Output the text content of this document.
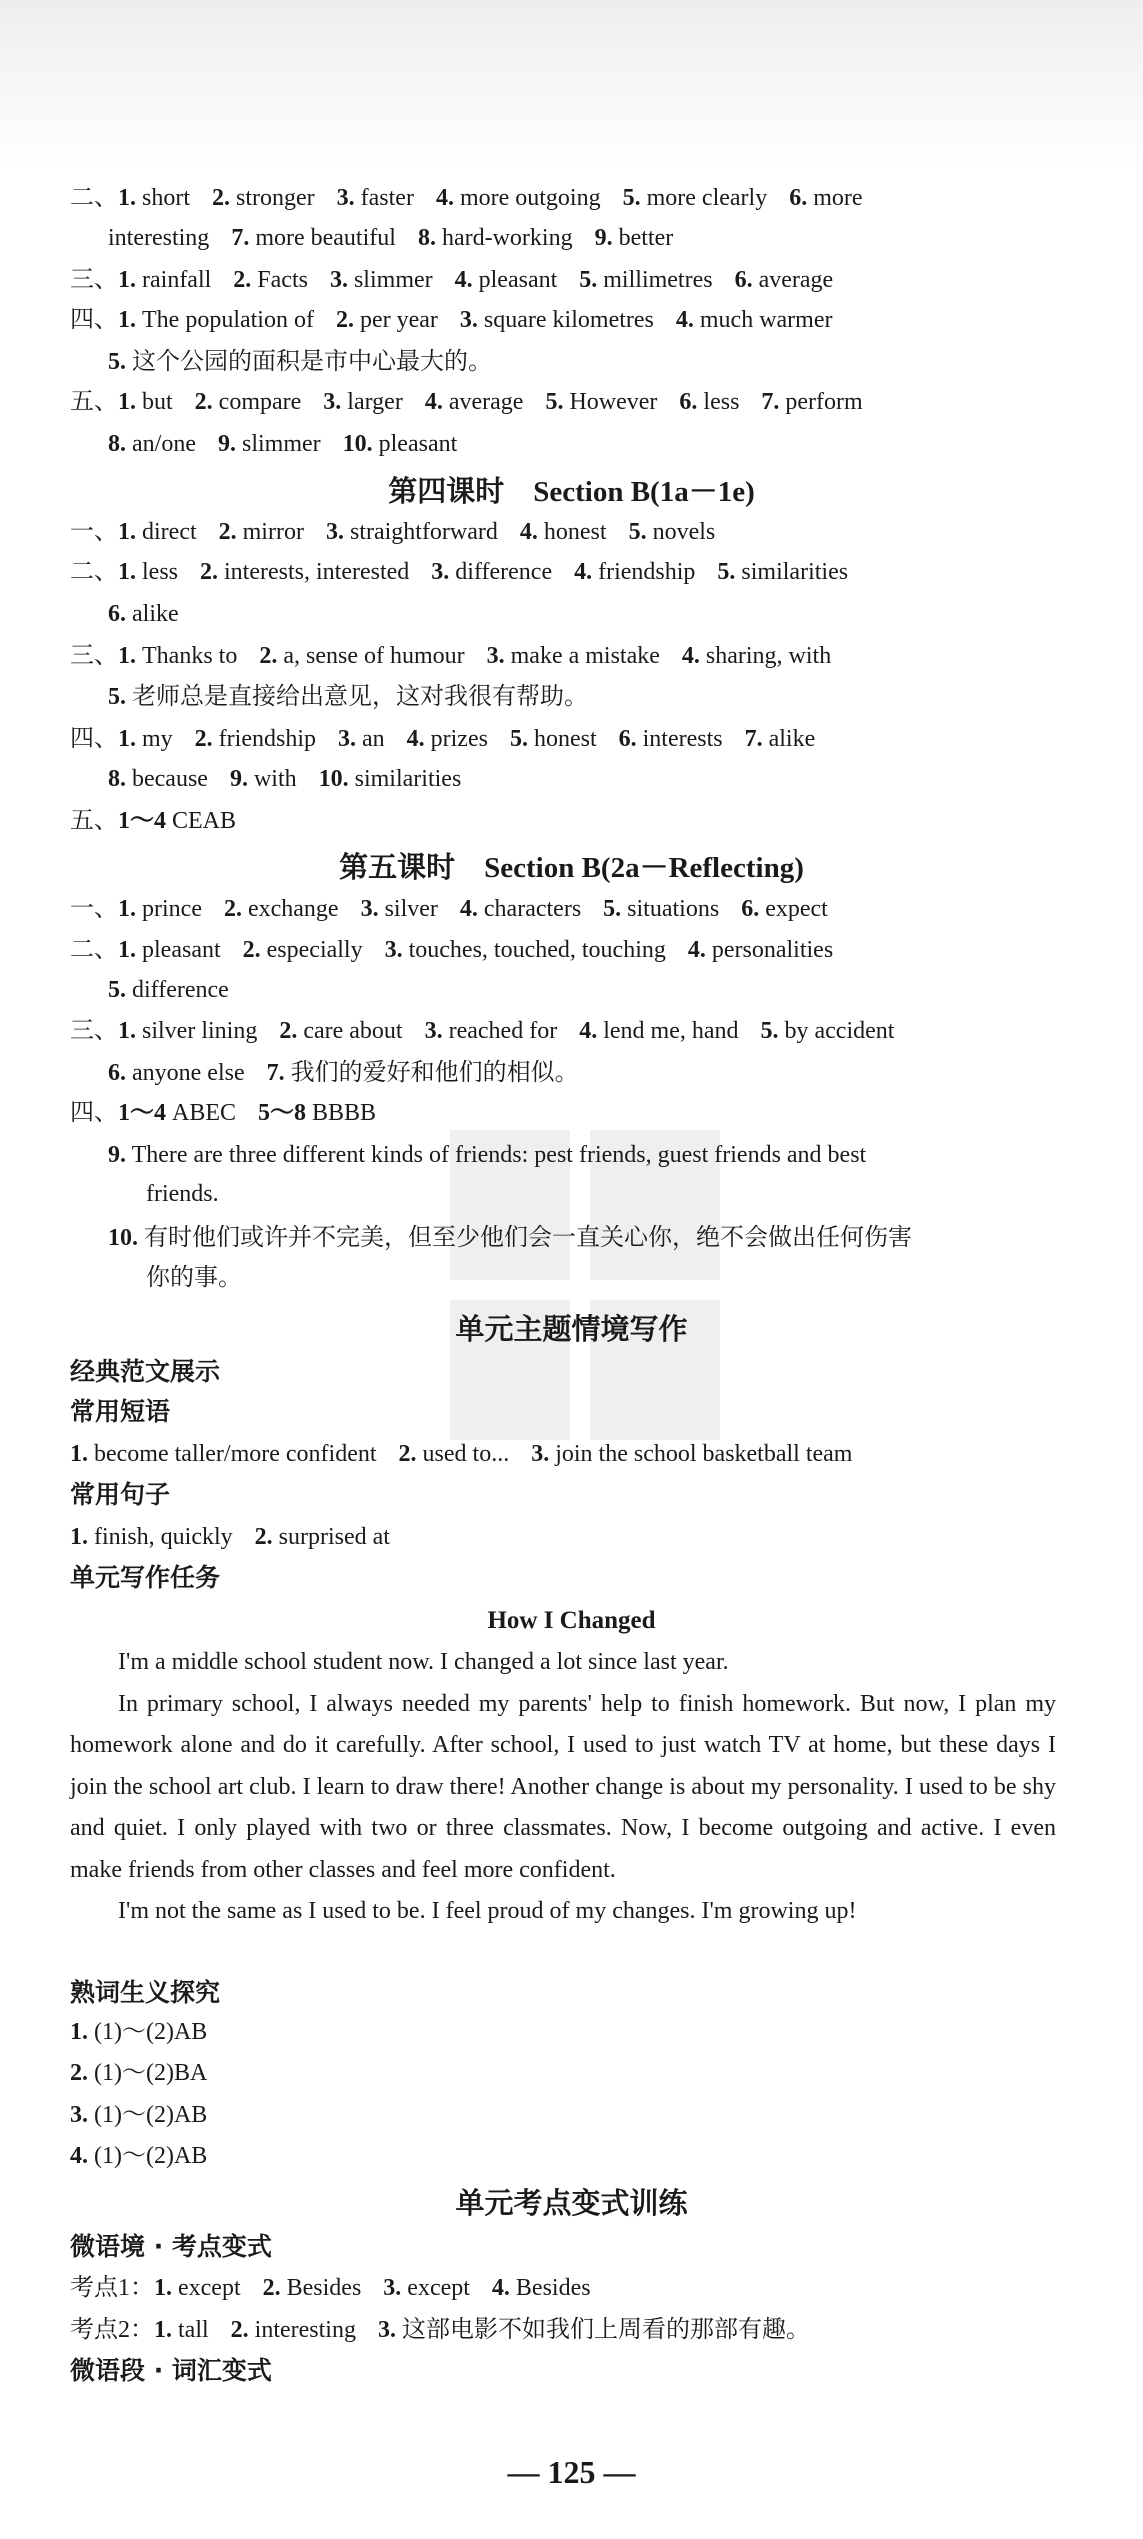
二、1. short 2. stronger 3. faster 4. more outgoing 5. more clearly 6. more
interesting 7. more beautiful 8. hard-working 9. better
三、1. rainfall 2. Facts 3. slimmer 4. pleasant 5. millimetres 6. average
四、1. The population of 2. per year 3. square kilometres 4. much warmer
5. 这个公园的面积是市中心最大的。
五、1. but 2. compare 3. larger 4. average 5. However 6. less 7. perform
8. an/one 9. slimmer 10. pleasant
第四课时　Section B(1a－1e)
一、1. direct 2. mirror 3. straightforward 4. honest 5. novels
二、1. less 2. interests, interested 3. difference 4. friendship 5. similarities
6. alike
三、1. Thanks to 2. a, sense of humour 3. make a mistake 4. sharing, with
5. 老师总是直接给出意见，这对我很有帮助。
四、1. my 2. friendship 3. an 4. prizes 5. honest 6. interests 7. alike
8. because 9. with 10. similarities
五、1～4 CEAB
第五课时　Section B(2a－Reflecting)
一、1. prince 2. exchange 3. silver 4. characters 5. situations 6. expect
二、1. pleasant 2. especially 3. touches, touched, touching 4. personalities
5. difference
三、1. silver lining 2. care about 3. reached for 4. lend me, hand 5. by accident
6. anyone else 7. 我们的爱好和他们的相似。
四、1～4 ABEC 5～8 BBBB
9. There are three different kinds of friends: pest friends, guest friends and best
friends.
10. 有时他们或许并不完美，但至少他们会一直关心你，绝不会做出任何伤害
你的事。
单元主题情境写作
经典范文展示
常用短语
1. become taller/more confident 2. used to... 3. join the school basketball team
常用句子
1. finish, quickly 2. surprised at
单元写作任务
How I Changed

I'm a middle school student now. I changed a lot since last year.

In primary school, I always needed my parents' help to finish homework. But now, I plan my homework alone and do it carefully. After school, I used to just watch TV at home, but these days I join the school art club. I learn to draw there! Another change is about my personality. I used to be shy and quiet. I only played with two or three classmates. Now, I become outgoing and active. I even make friends from other classes and feel more confident.

I'm not the same as I used to be. I feel proud of my changes. I'm growing up!

熟词生义探究
1. (1)～(2)AB
2. (1)～(2)BA
3. (1)～(2)AB
4. (1)～(2)AB
单元考点变式训练
微语境 · 考点变式
考点1：1. except 2. Besides 3. except 4. Besides
考点2：1. tall 2. interesting 3. 这部电影不如我们上周看的那部有趣。
微语段 · 词汇变式
— 125 —
